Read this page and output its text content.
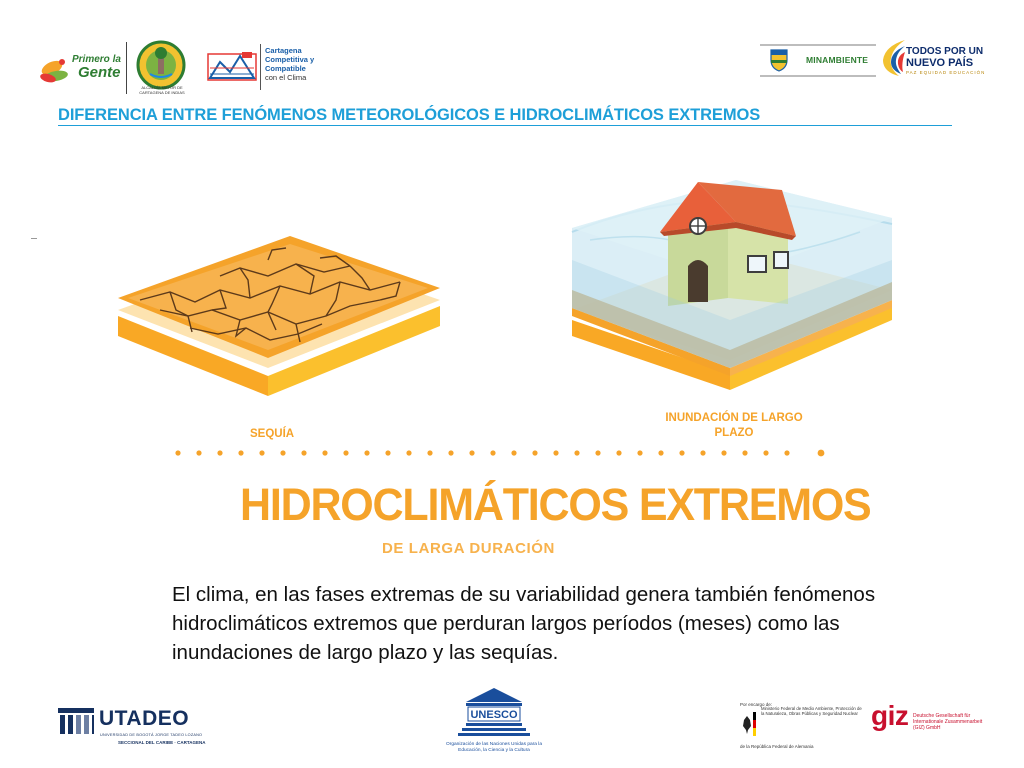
Primero la
Gente
ALCALDÍA MAYOR DE CARTAGENA DE INDIAS
Cartagena
Competitiva y
Compatible
con el Clima
MINAMBIENTE
TODOS POR UN
NUEVO PAÍS
PAZ EQUIDAD EDUCACIÓN
DIFERENCIA ENTRE FENÓMENOS METEOROLÓGICOS E HIDROCLIMÁTICOS EXTREMOS
SEQUÍA
INUNDACIÓN DE LARGO PLAZO
HIDROCLIMÁTICOS EXTREMOS
DE LARGA DURACIÓN
El clima, en las fases extremas de su variabilidad genera también fenómenos hidroclimáticos extremos que perduran largos períodos (meses) como las inundaciones de largo plazo y las sequías.
UTADEO
UNIVERSIDAD DE BOGOTÁ JORGE TADEO LOZANO
SECCIONAL DEL CARIBE · CARTAGENA
UNESCO
Organización de las Naciones Unidas para la Educación, la Ciencia y la Cultura
Por encargo de:
Ministerio Federal de Medio Ambiente, Protección de la Naturaleza, Obras Públicas y Seguridad Nuclear
de la República Federal de Alemania
giz Deutsche Gesellschaft für Internationale Zusammenarbeit (GIZ) GmbH
